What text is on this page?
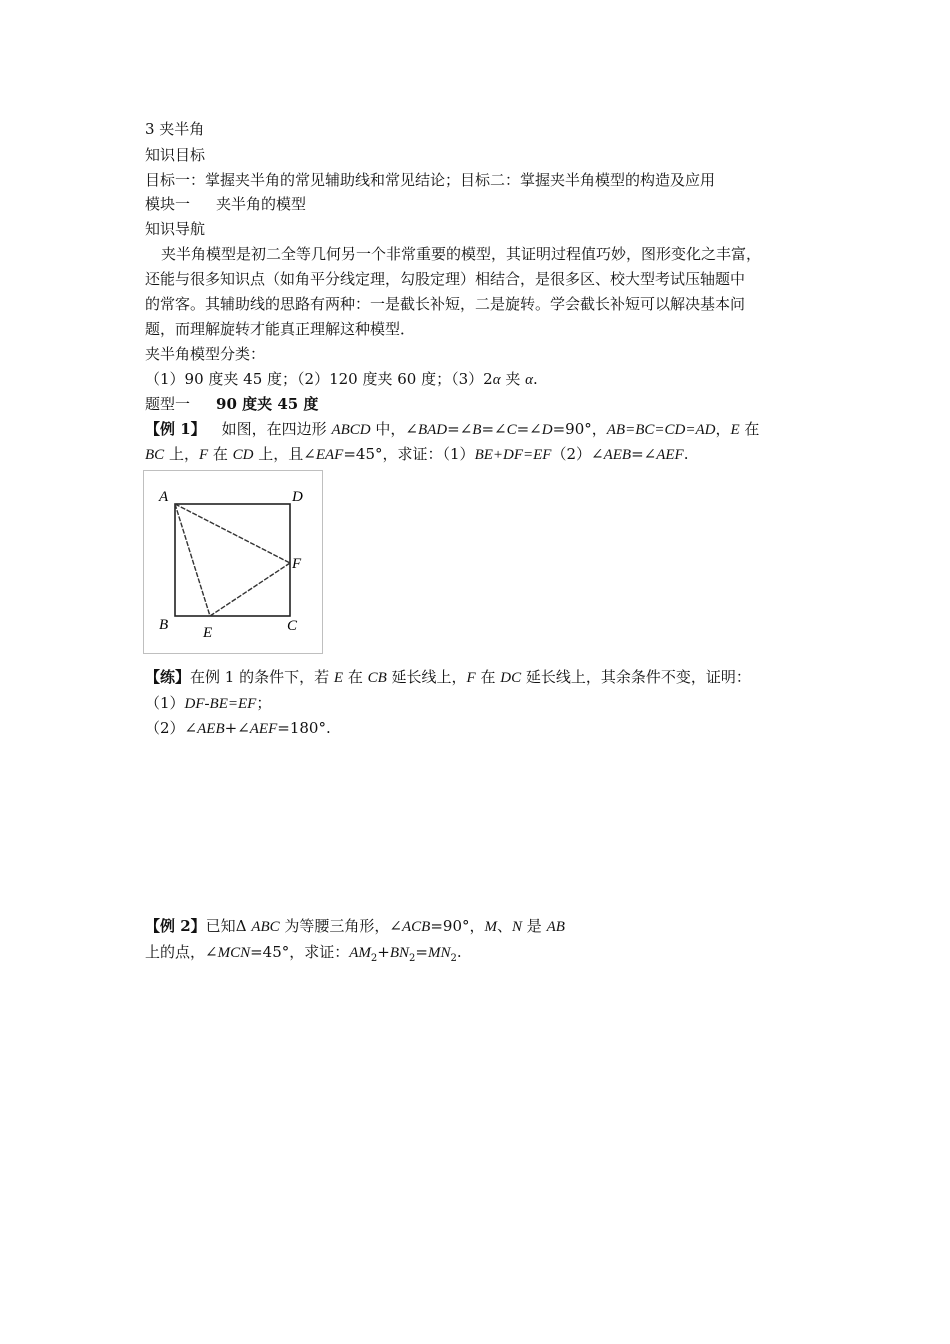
3 夹半角
知识目标
目标一：掌握夹半角的常见辅助线和常见结论；目标二：掌握夹半角模型的构造及应用
模块一 夹半角的模型
知识导航
夹半角模型是初二全等几何另一个非常重要的模型，其证明过程值巧妙，图形变化之丰富，
还能与很多知识点（如角平分线定理，勾股定理）相结合，是很多区、校大型考试压轴题中
的常客。其辅助线的思路有两种：一是截长补短，二是旋转。学会截长补短可以解决基本问
题，而理解旋转才能真正理解这种模型．
夹半角模型分类：
（1）90 度夹 45 度；（2）120 度夹 60 度；（3）2α 夹 α.
题型一 90 度夹 45 度
【例 1】 如图，在四边形 ABCD 中，∠BAD=∠B=∠C=∠D=90°，AB=BC=CD=AD，E 在
BC 上，F 在 CD 上，且∠EAF=45°，求证：（1）BE+DF=EF（2）∠AEB=∠AEF.
A	D
F
B E	C
【练】在例 1 的条件下，若 E 在 CB 延长线上，F 在 DC 延长线上，其余条件不变，证明：
（1）DF-BE=EF；
（2）∠AEB+∠AEF=180°.
【例 2】已知Δ ABC 为等腰三角形，∠ACB=90°，M、N 是 AB
上的点，∠MCN=45°，求证：$AM_2+BN_2=MN_2$.
